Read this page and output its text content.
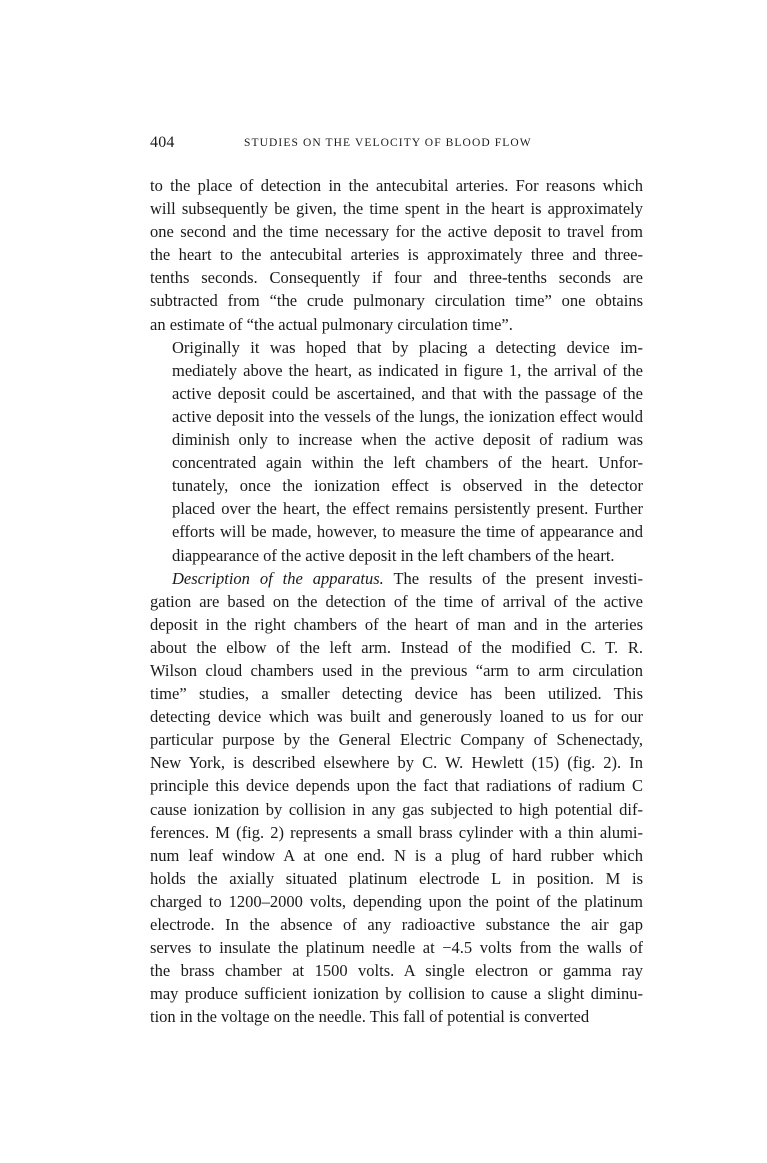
404	STUDIES ON THE VELOCITY OF BLOOD FLOW
to the place of detection in the antecubital arteries. For reasons which
will subsequently be given, the time spent in the heart is approximately
one second and the time necessary for the active deposit to travel from
the heart to the antecubital arteries is approximately three and three-
tenths seconds. Consequently if four and three-tenths seconds are
subtracted from “the crude pulmonary circulation time” one obtains
an estimate of “the actual pulmonary circulation time”.
Originally it was hoped that by placing a detecting device im-
mediately above the heart, as indicated in figure 1, the arrival of the
active deposit could be ascertained, and that with the passage of the
active deposit into the vessels of the lungs, the ionization effect would
diminish only to increase when the active deposit of radium was
concentrated again within the left chambers of the heart. Unfor-
tunately, once the ionization effect is observed in the detector
placed over the heart, the effect remains persistently present. Further
efforts will be made, however, to measure the time of appearance and
diappearance of the active deposit in the left chambers of the heart.
Description of the apparatus. The results of the present investi-
gation are based on the detection of the time of arrival of the active
deposit in the right chambers of the heart of man and in the arteries
about the elbow of the left arm. Instead of the modified C. T. R.
Wilson cloud chambers used in the previous “arm to arm circulation
time” studies, a smaller detecting device has been utilized. This
detecting device which was built and generously loaned to us for our
particular purpose by the General Electric Company of Schenectady,
New York, is described elsewhere by C. W. Hewlett (15) (fig. 2). In
principle this device depends upon the fact that radiations of radium C
cause ionization by collision in any gas subjected to high potential dif-
ferences. M (fig. 2) represents a small brass cylinder with a thin alumi-
num leaf window A at one end. N is a plug of hard rubber which
holds the axially situated platinum electrode L in position. M is
charged to 1200–2000 volts, depending upon the point of the platinum
electrode. In the absence of any radioactive substance the air gap
serves to insulate the platinum needle at −4.5 volts from the walls of
the brass chamber at 1500 volts. A single electron or gamma ray
may produce sufficient ionization by collision to cause a slight diminu-
tion in the voltage on the needle. This fall of potential is converted
